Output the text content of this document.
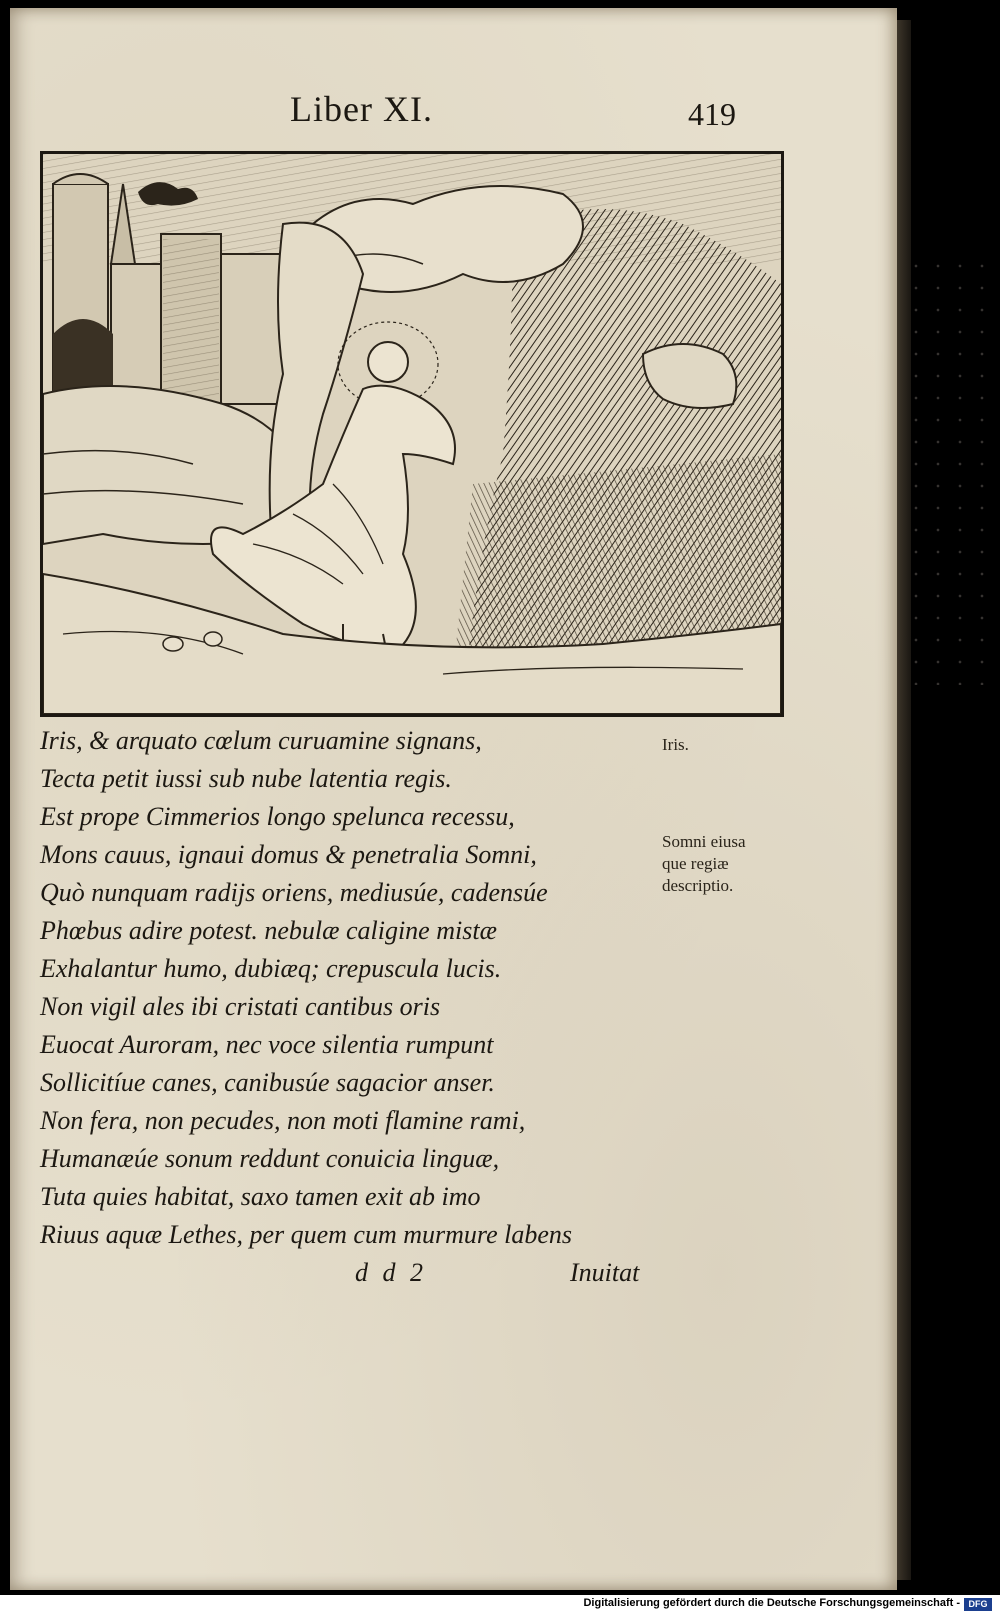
Liber XI.	419
Iris, & arquato cœlum curuamine signans,
Tecta petit iussi sub nube latentia regis.
Est prope Cimmerios longo spelunca recessu,
Mons cauus, ignaui domus & penetralia Somni,
Quò nunquam radijs oriens, mediusúe, cadensúe
Phœbus adire potest. nebulæ caligine mistæ
Exhalantur humo, dubiæq; crepuscula lucis.
Non vigil ales ibi cristati cantibus oris
Euocat Auroram, nec voce silentia rumpunt
Sollicitíue canes, canibusúe sagacior anser.
Non fera, non pecudes, non moti flamine rami,
Humanæúe sonum reddunt conuicia linguæ,
Tuta quies habitat, saxo tamen exit ab imo
Riuus aquæ Lethes, per quem cum murmure labens
Iris.
Somni eiusa
que regiæ
descriptio.
d d 2	Inuitat
Digitalisierung gefördert durch die Deutsche Forschungsgemeinschaft - DFG
